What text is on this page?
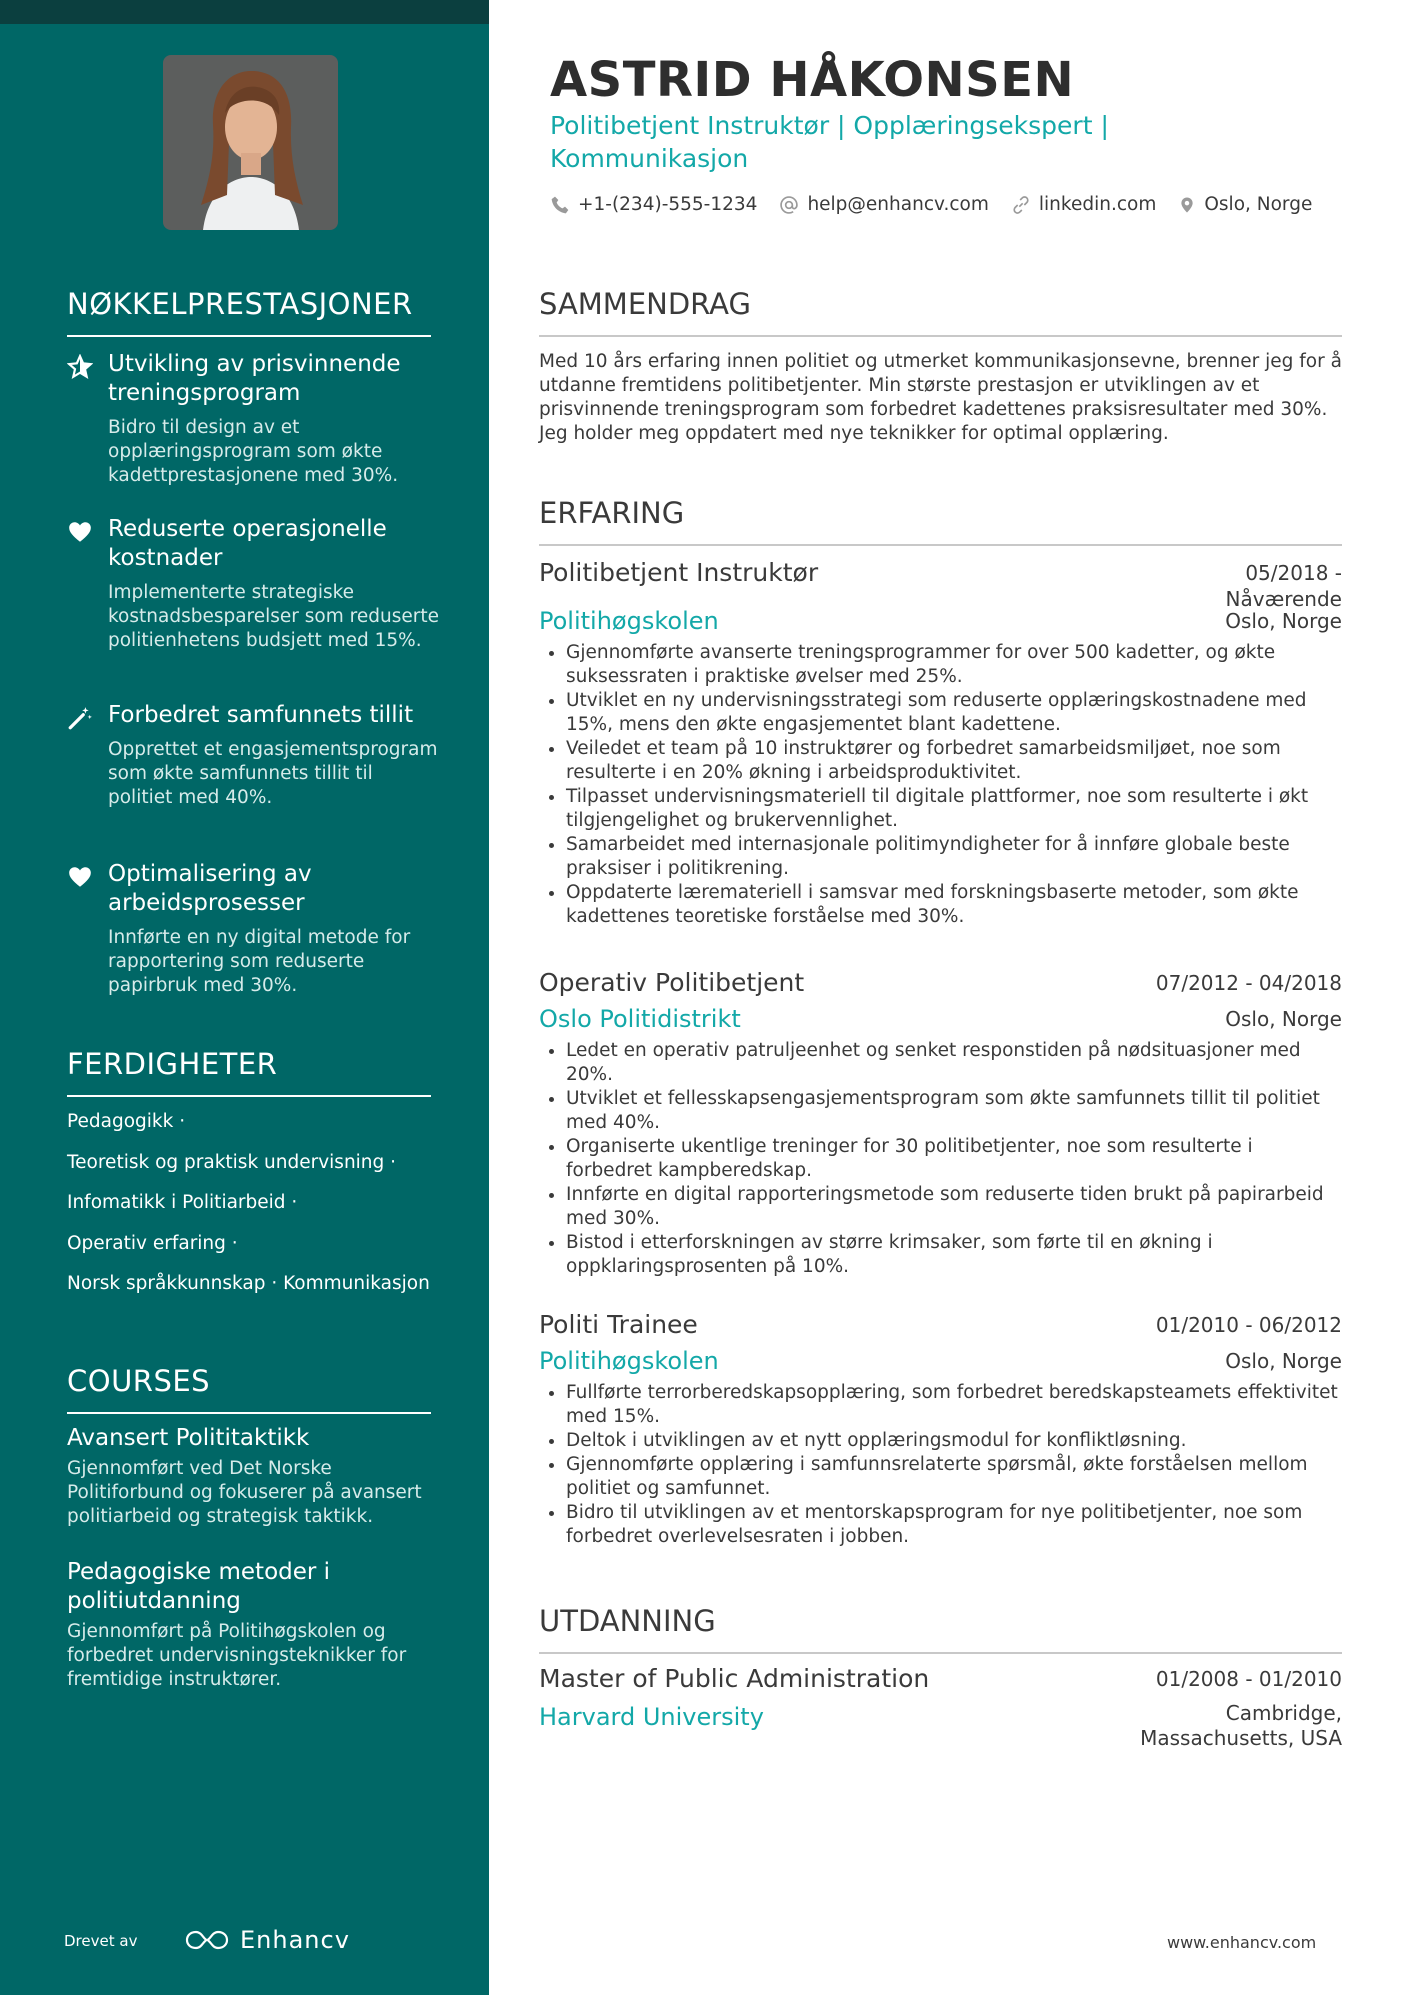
NØKKELPRESTASJONER
Utvikling av prisvinnende treningsprogram
Bidro til design av et opplæringsprogram som økte kadettprestasjonene med 30%.
Reduserte operasjonelle kostnader
Implementerte strategiske kostnadsbesparelser som reduserte politienhetens budsjett med 15%.
Forbedret samfunnets tillit
Opprettet et engasjementsprogram som økte samfunnets tillit til politiet med 40%.
Optimalisering av arbeidsprosesser
Innførte en ny digital metode for rapportering som reduserte papirbruk med 30%.
FERDIGHETER
Pedagogikk ·
Teoretisk og praktisk undervisning ·
Infomatikk i Politiarbeid ·
Operativ erfaring ·
Norsk språkkunnskap · Kommunikasjon
COURSES
Avansert Polititaktikk
Gjennomført ved Det Norske Politiforbund og fokuserer på avansert politiarbeid og strategisk taktikk.
Pedagogiske metoder i politiutdanning
Gjennomført på Politihøgskolen og forbedret undervisningsteknikker for fremtidige instruktører.
Drevet av	Enhancv
ASTRID HÅKONSEN
Politibetjent Instruktør | Opplæringsekspert | Kommunikasjon
+1-(234)-555-1234	help@enhancv.com	linkedin.com	Oslo, Norge
SAMMENDRAG
Med 10 års erfaring innen politiet og utmerket kommunikasjonsevne, brenner jeg for å utdanne fremtidens politibetjenter. Min største prestasjon er utviklingen av et prisvinnende treningsprogram som forbedret kadettenes praksisresultater med 30%. Jeg holder meg oppdatert med nye teknikker for optimal opplæring.
ERFARING
Politibetjent Instruktør	05/2018 -
Nåværende
Politihøgskolen	Oslo, Norge
• Gjennomførte avanserte treningsprogrammer for over 500 kadetter, og økte suksessraten i praktiske øvelser med 25%.
• Utviklet en ny undervisningsstrategi som reduserte opplæringskostnadene med 15%, mens den økte engasjementet blant kadettene.
• Veiledet et team på 10 instruktører og forbedret samarbeidsmiljøet, noe som resulterte i en 20% økning i arbeidsproduktivitet.
• Tilpasset undervisningsmateriell til digitale plattformer, noe som resulterte i økt tilgjengelighet og brukervennlighet.
• Samarbeidet med internasjonale politimyndigheter for å innføre globale beste praksiser i politikrening.
• Oppdaterte læremateriell i samsvar med forskningsbaserte metoder, som økte kadettenes teoretiske forståelse med 30%.
Operativ Politibetjent	07/2012 - 04/2018
Oslo Politidistrikt	Oslo, Norge
• Ledet en operativ patruljeenhet og senket responstiden på nødsituasjoner med 20%.
• Utviklet et fellesskapsengasjementsprogram som økte samfunnets tillit til politiet med 40%.
• Organiserte ukentlige treninger for 30 politibetjenter, noe som resulterte i forbedret kampberedskap.
• Innførte en digital rapporteringsmetode som reduserte tiden brukt på papirarbeid med 30%.
• Bistod i etterforskningen av større krimsaker, som førte til en økning i oppklaringsprosenten på 10%.
Politi Trainee	01/2010 - 06/2012
Politihøgskolen	Oslo, Norge
• Fullførte terrorberedskapsopplæring, som forbedret beredskapsteamets effektivitet med 15%.
• Deltok i utviklingen av et nytt opplæringsmodul for konfliktløsning.
• Gjennomførte opplæring i samfunnsrelaterte spørsmål, økte forståelsen mellom politiet og samfunnet.
• Bidro til utviklingen av et mentorskapsprogram for nye politibetjenter, noe som forbedret overlevelsesraten i jobben.
UTDANNING
Master of Public Administration	01/2008 - 01/2010
Harvard University	Cambridge,
Massachusetts, USA
www.enhancv.com
